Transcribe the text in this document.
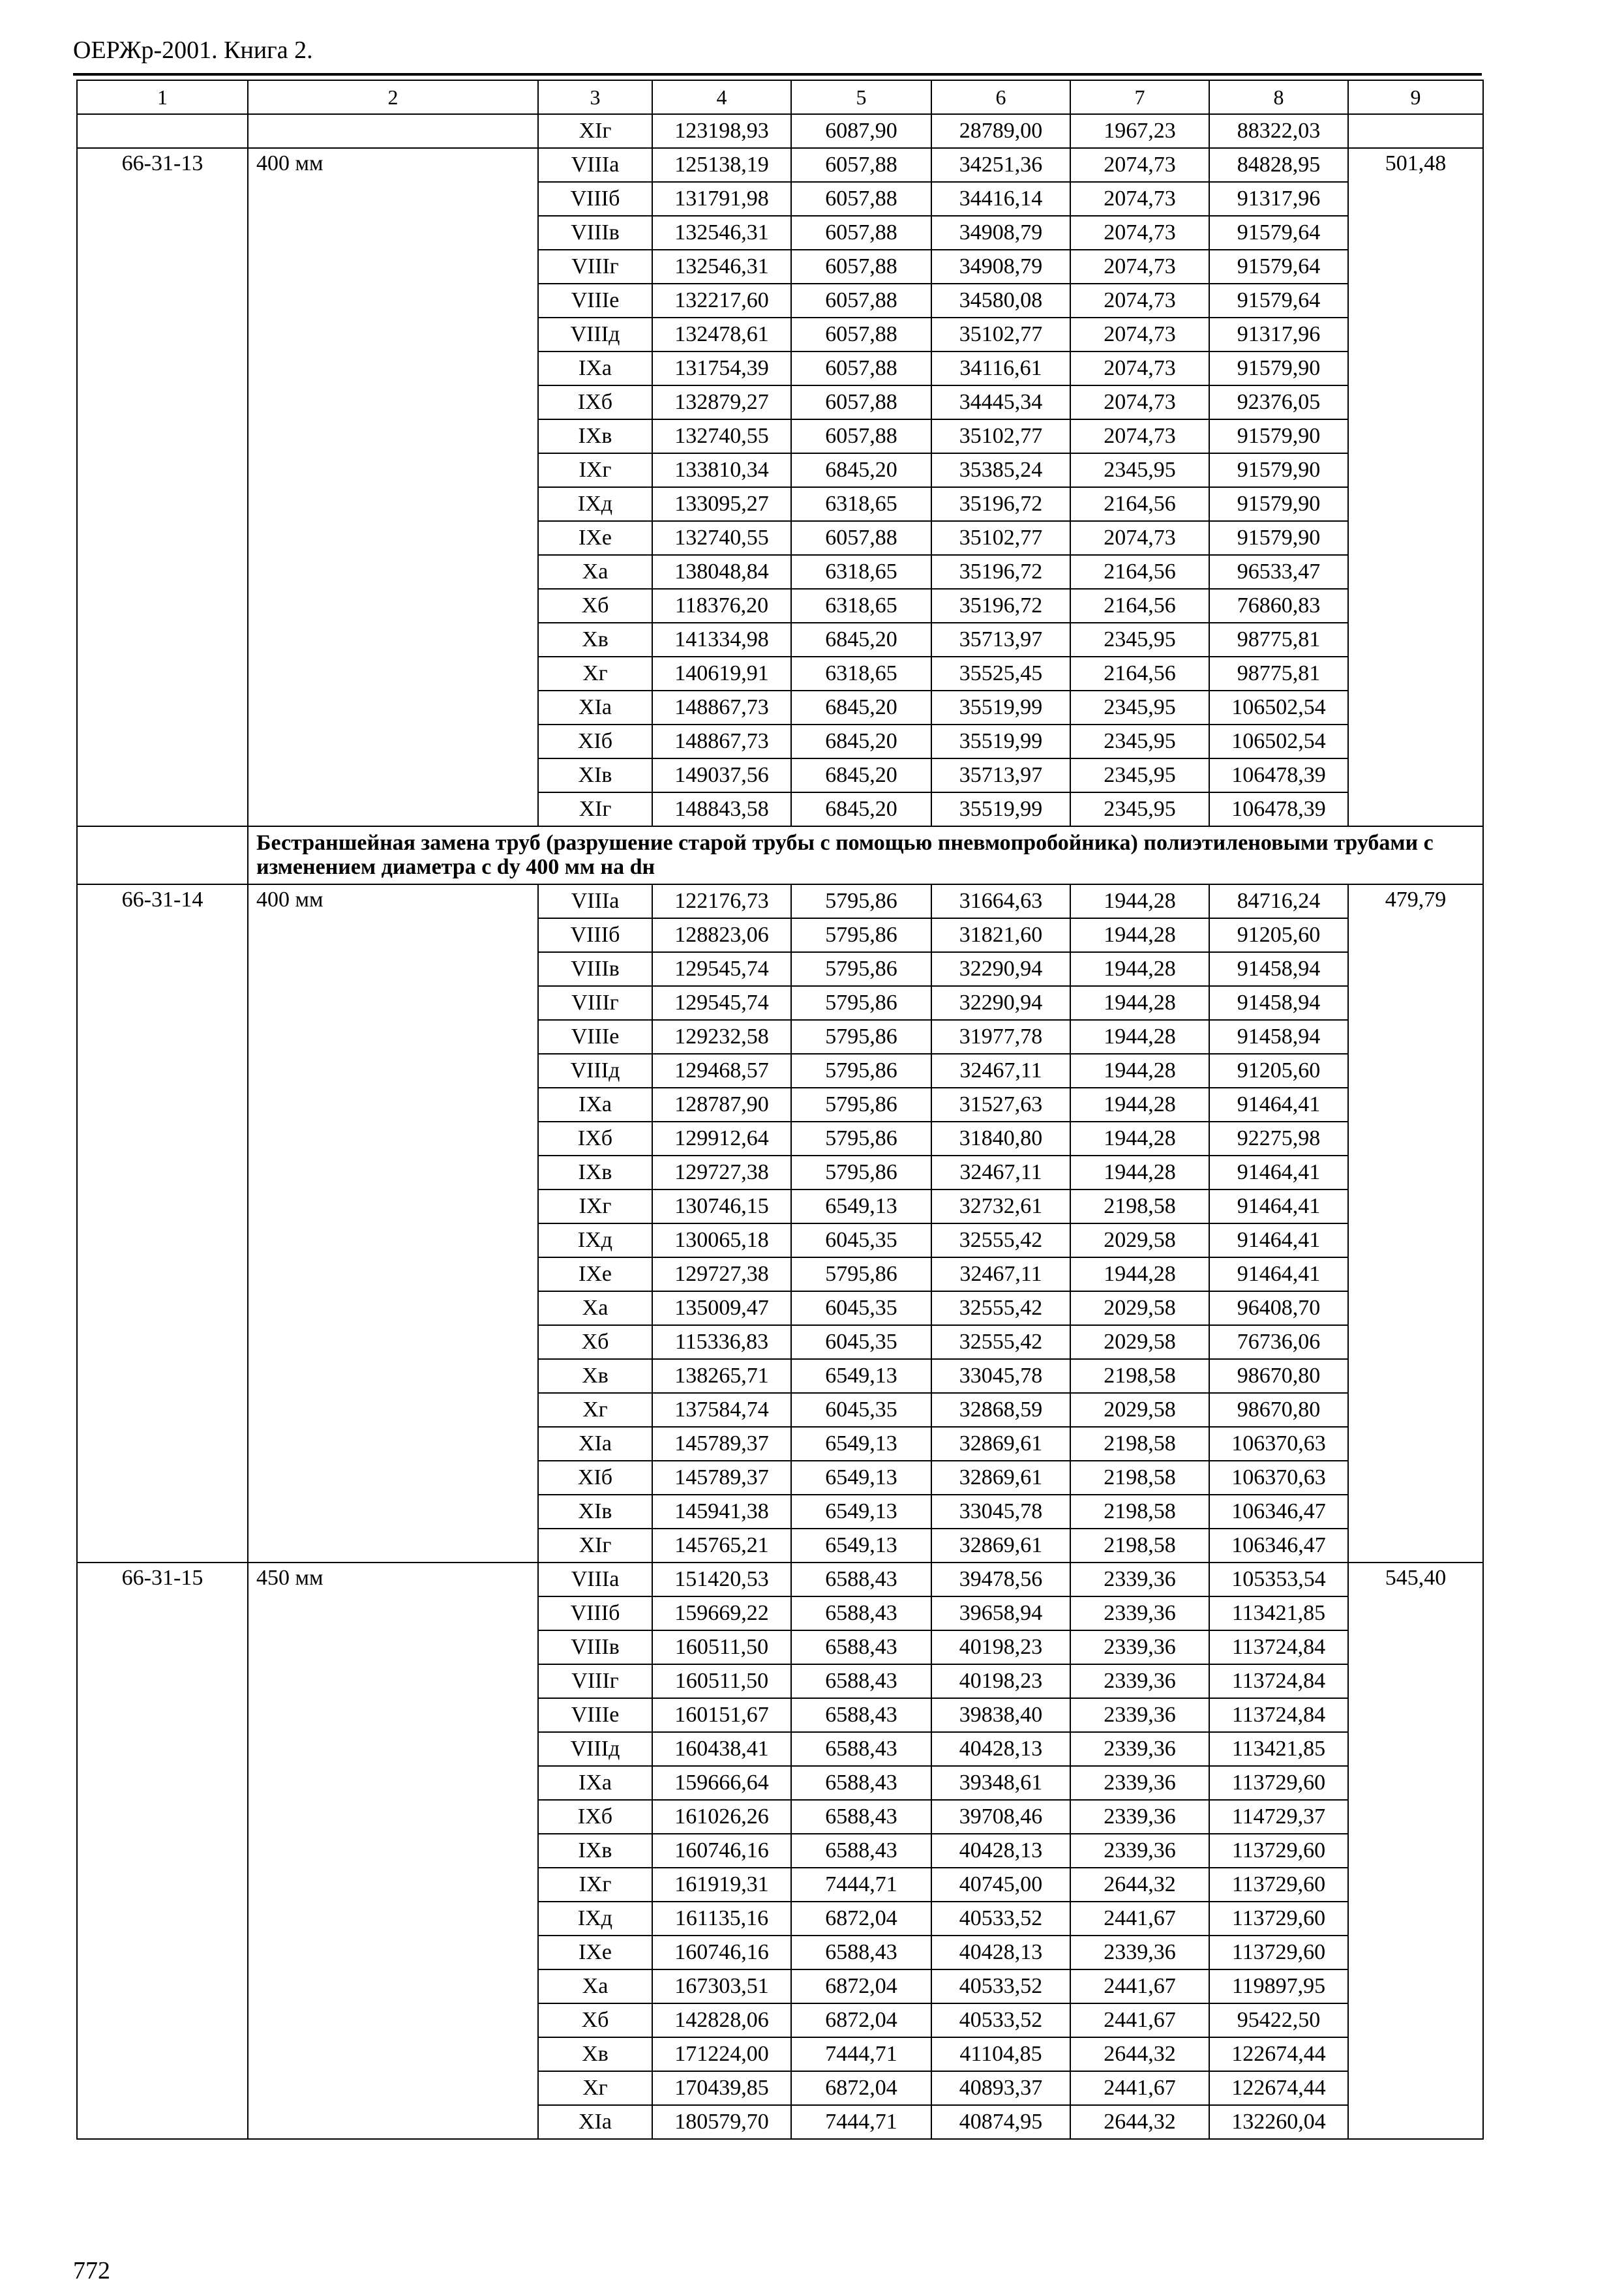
ОЕРЖр-2001. Книга 2.
1	2	3	4	5	6	7	8	9
		XIг	123198,93	6087,90	28789,00	1967,23	88322,03	
66-31-13	400 мм	VIIIа	125138,19	6057,88	34251,36	2074,73	84828,95	501,48
		VIIIб	131791,98	6057,88	34416,14	2074,73	91317,96	
		VIIIв	132546,31	6057,88	34908,79	2074,73	91579,64	
		VIIIг	132546,31	6057,88	34908,79	2074,73	91579,64	
		VIIIе	132217,60	6057,88	34580,08	2074,73	91579,64	
		VIIIд	132478,61	6057,88	35102,77	2074,73	91317,96	
		IXа	131754,39	6057,88	34116,61	2074,73	91579,90	
		IXб	132879,27	6057,88	34445,34	2074,73	92376,05	
		IXв	132740,55	6057,88	35102,77	2074,73	91579,90	
		IXг	133810,34	6845,20	35385,24	2345,95	91579,90	
		IXд	133095,27	6318,65	35196,72	2164,56	91579,90	
		IXе	132740,55	6057,88	35102,77	2074,73	91579,90	
		Xа	138048,84	6318,65	35196,72	2164,56	96533,47	
		Xб	118376,20	6318,65	35196,72	2164,56	76860,83	
		Xв	141334,98	6845,20	35713,97	2345,95	98775,81	
		Xг	140619,91	6318,65	35525,45	2164,56	98775,81	
		XIа	148867,73	6845,20	35519,99	2345,95	106502,54	
		XIб	148867,73	6845,20	35519,99	2345,95	106502,54	
		XIв	149037,56	6845,20	35713,97	2345,95	106478,39	
		XIг	148843,58	6845,20	35519,99	2345,95	106478,39	
	Бестраншейная замена труб (разрушение старой трубы с помощью пневмопробойника) полиэтиленовыми трубами с изменением диаметра с dу 400 мм на dн							
66-31-14	400 мм	VIIIа	122176,73	5795,86	31664,63	1944,28	84716,24	479,79
		VIIIб	128823,06	5795,86	31821,60	1944,28	91205,60	
		VIIIв	129545,74	5795,86	32290,94	1944,28	91458,94	
		VIIIг	129545,74	5795,86	32290,94	1944,28	91458,94	
		VIIIе	129232,58	5795,86	31977,78	1944,28	91458,94	
		VIIIд	129468,57	5795,86	32467,11	1944,28	91205,60	
		IXа	128787,90	5795,86	31527,63	1944,28	91464,41	
		IXб	129912,64	5795,86	31840,80	1944,28	92275,98	
		IXв	129727,38	5795,86	32467,11	1944,28	91464,41	
		IXг	130746,15	6549,13	32732,61	2198,58	91464,41	
		IXд	130065,18	6045,35	32555,42	2029,58	91464,41	
		IXе	129727,38	5795,86	32467,11	1944,28	91464,41	
		Xа	135009,47	6045,35	32555,42	2029,58	96408,70	
		Xб	115336,83	6045,35	32555,42	2029,58	76736,06	
		Xв	138265,71	6549,13	33045,78	2198,58	98670,80	
		Xг	137584,74	6045,35	32868,59	2029,58	98670,80	
		XIа	145789,37	6549,13	32869,61	2198,58	106370,63	
		XIб	145789,37	6549,13	32869,61	2198,58	106370,63	
		XIв	145941,38	6549,13	33045,78	2198,58	106346,47	
		XIг	145765,21	6549,13	32869,61	2198,58	106346,47	
66-31-15	450 мм	VIIIа	151420,53	6588,43	39478,56	2339,36	105353,54	545,40
		VIIIб	159669,22	6588,43	39658,94	2339,36	113421,85	
		VIIIв	160511,50	6588,43	40198,23	2339,36	113724,84	
		VIIIг	160511,50	6588,43	40198,23	2339,36	113724,84	
		VIIIе	160151,67	6588,43	39838,40	2339,36	113724,84	
		VIIIд	160438,41	6588,43	40428,13	2339,36	113421,85	
		IXа	159666,64	6588,43	39348,61	2339,36	113729,60	
		IXб	161026,26	6588,43	39708,46	2339,36	114729,37	
		IXв	160746,16	6588,43	40428,13	2339,36	113729,60	
		IXг	161919,31	7444,71	40745,00	2644,32	113729,60	
		IXд	161135,16	6872,04	40533,52	2441,67	113729,60	
		IXе	160746,16	6588,43	40428,13	2339,36	113729,60	
		Xа	167303,51	6872,04	40533,52	2441,67	119897,95	
		Xб	142828,06	6872,04	40533,52	2441,67	95422,50	
		Xв	171224,00	7444,71	41104,85	2644,32	122674,44	
		Xг	170439,85	6872,04	40893,37	2441,67	122674,44	
		XIа	180579,70	7444,71	40874,95	2644,32	132260,04	
772
